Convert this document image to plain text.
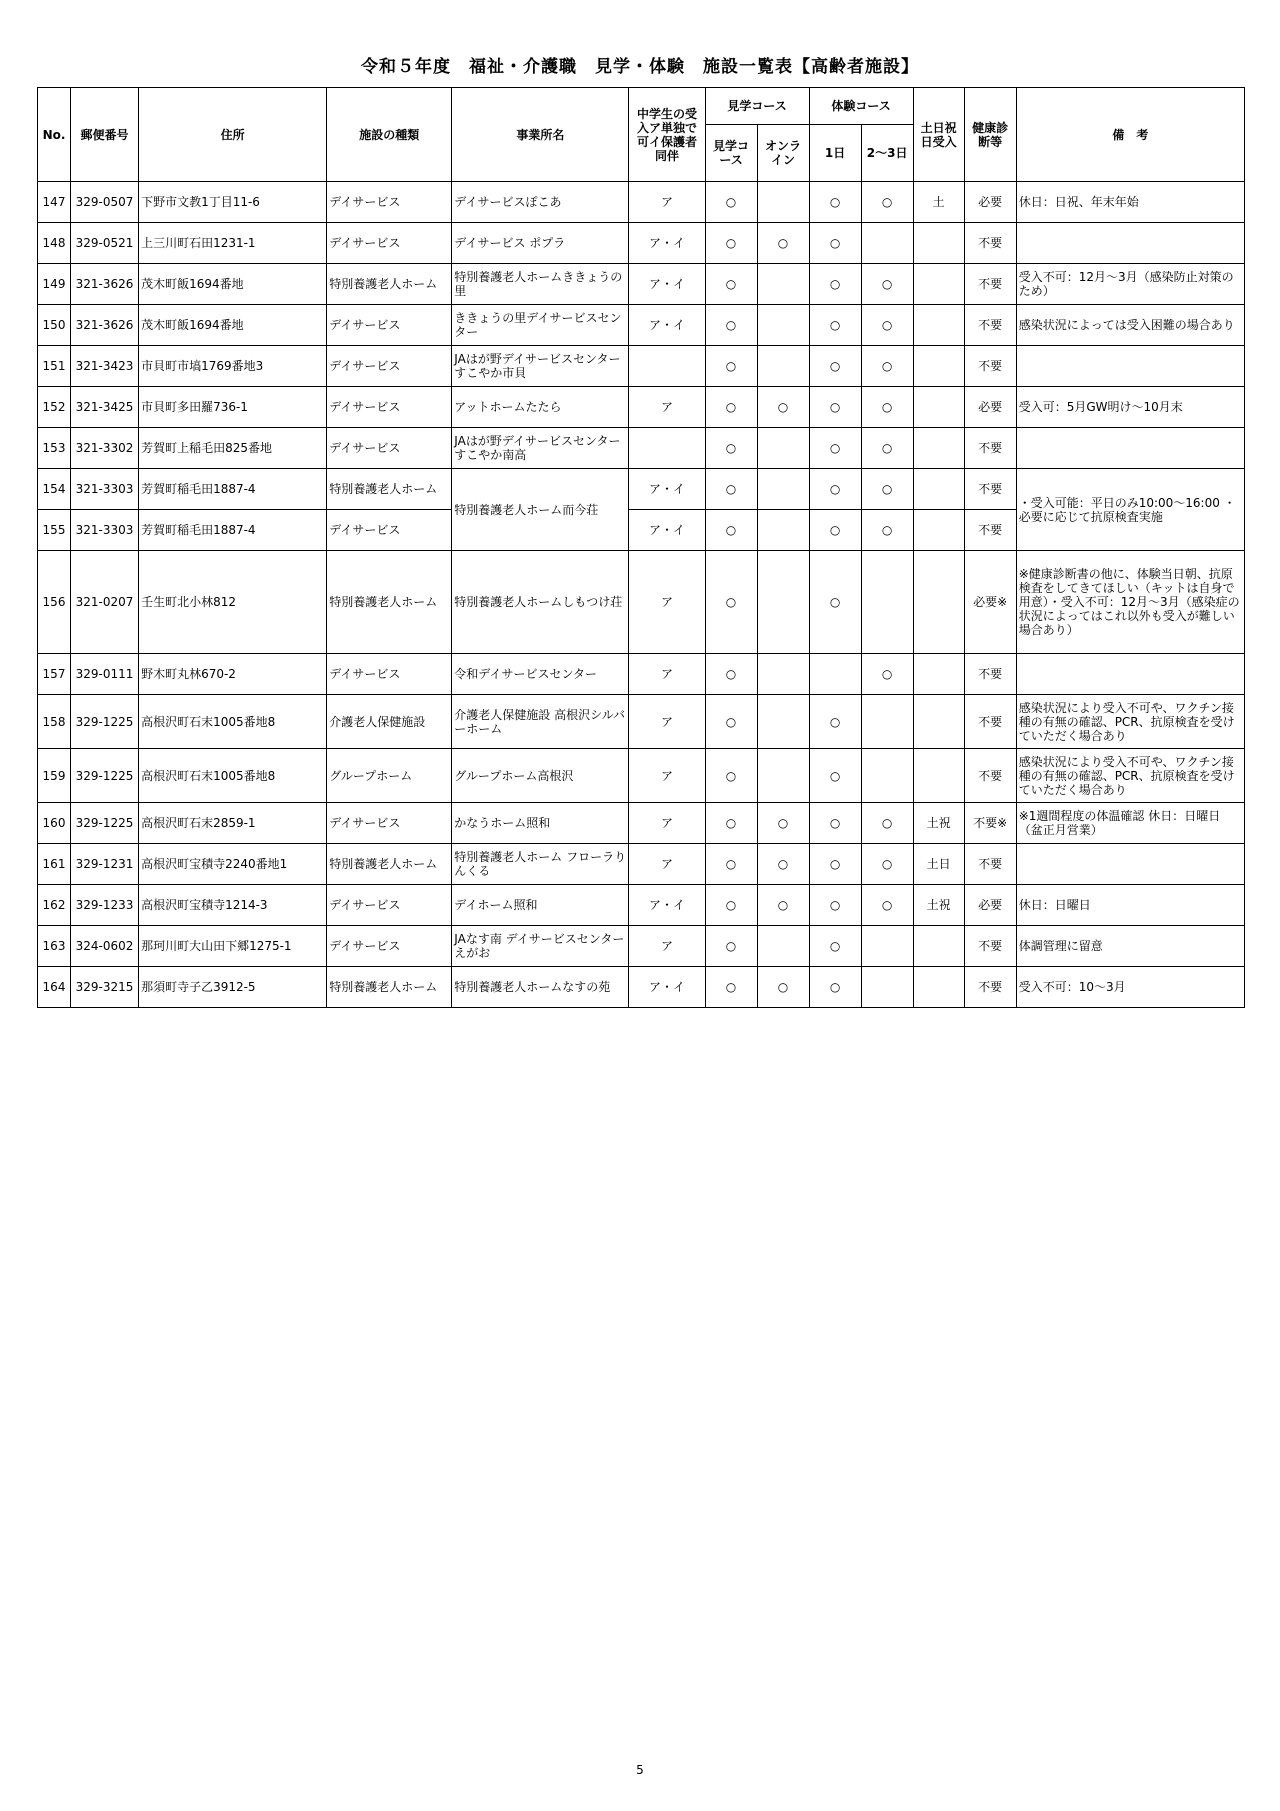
令和５年度　福祉・介護職　見学・体験　施設一覧表【高齢者施設】
No.	郵便番号	住所	施設の種類	事業所名	中学生の受入ア単独で可イ保護者同伴	見学コース		体験コース		土日祝日受入	健康診断等	備　考
						見学コース	オンライン	1日	2〜3日			
147	329-0507	下野市文教1丁目11-6	デイサービス	デイサービスぽこあ	ア	○		○	○	土	必要	休日：日祝、年末年始
148	329-0521	上三川町石田1231-1	デイサービス	デイサービス ポプラ	ア・イ	○	○	○			不要	
149	321-3626	茂木町飯1694番地	特別養護老人ホーム	特別養護老人ホームききょうの里	ア・イ	○		○	○		不要	受入不可：12月〜3月（感染防止対策のため）
150	321-3626	茂木町飯1694番地	デイサービス	ききょうの里デイサービスセンター	ア・イ	○		○	○		不要	感染状況によっては受入困難の場合あり
151	321-3423	市貝町市塙1769番地3	デイサービス	JAはが野デイサービスセンターすこやか市貝		○		○	○		不要	
152	321-3425	市貝町多田羅736-1	デイサービス	アットホームたたら	ア	○	○	○	○		必要	受入可：5月GW明け〜10月末
153	321-3302	芳賀町上稲毛田825番地	デイサービス	JAはが野デイサービスセンターすこやか南高		○		○	○		不要	
154	321-3303	芳賀町稲毛田1887-4	特別養護老人ホーム	特別養護老人ホーム而今荘	ア・イ	○		○	○		不要	・受入可能：平日のみ10:00〜16:00 ・必要に応じて抗原検査実施
155	321-3303	芳賀町稲毛田1887-4	デイサービス		ア・イ	○		○	○		不要	
156	321-0207	壬生町北小林812	特別養護老人ホーム	特別養護老人ホームしもつけ荘	ア	○		○			必要※	※健康診断書の他に、体験当日朝、抗原検査をしてきてほしい（キットは自身で用意）・受入不可：12月〜3月（感染症の状況によってはこれ以外も受入が難しい場合あり）
157	329-0111	野木町丸林670-2	デイサービス	令和デイサービスセンター	ア	○			○		不要	
158	329-1225	高根沢町石末1005番地8	介護老人保健施設	介護老人保健施設 高根沢シルバーホーム	ア	○		○			不要	感染状況により受入不可や、ワクチン接種の有無の確認、PCR、抗原検査を受けていただく場合あり
159	329-1225	高根沢町石末1005番地8	グループホーム	グループホーム高根沢	ア	○		○			不要	感染状況により受入不可や、ワクチン接種の有無の確認、PCR、抗原検査を受けていただく場合あり
160	329-1225	高根沢町石末2859-1	デイサービス	かなうホーム照和	ア	○	○	○	○	土祝	不要※	※1週間程度の体温確認 休日：日曜日（盆正月営業）
161	329-1231	高根沢町宝積寺2240番地1	特別養護老人ホーム	特別養護老人ホーム フローラりんくる	ア	○	○	○	○	土日	不要	
162	329-1233	高根沢町宝積寺1214-3	デイサービス	デイホーム照和	ア・イ	○	○	○	○	土祝	必要	休日：日曜日
163	324-0602	那珂川町大山田下郷1275-1	デイサービス	JAなす南 デイサービスセンターえがお	ア	○		○			不要	体調管理に留意
164	329-3215	那須町寺子乙3912-5	特別養護老人ホーム	特別養護老人ホームなすの苑	ア・イ	○	○	○			不要	受入不可：10〜3月
5
